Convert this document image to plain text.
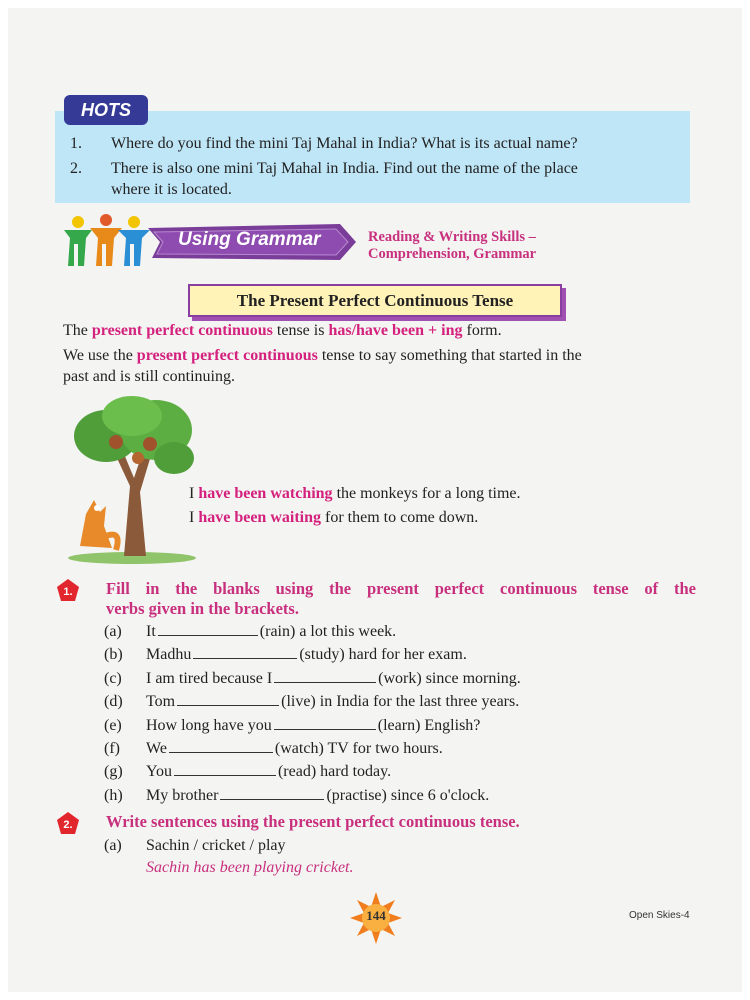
HOTS
1. Where do you find the mini Taj Mahal in India? What is its actual name?
2. There is also one mini Taj Mahal in India. Find out the name of the place
where it is located.
Using Grammar	Reading & Writing Skills –
Comprehension, Grammar
The Present Perfect Continuous Tense
The present perfect continuous tense is has/have been + ing form.
We use the present perfect continuous tense to say something that started in the
past and is still continuing.
I have been watching the monkeys for a long time.
I have been waiting for them to come down.
1. Fill in the blanks using the present perfect continuous tense of the
verbs given in the brackets.
(a) It	(rain) a lot this week.
(b) Madhu	(study) hard for her exam.
(c) I am tired because I	(work) since morning.
(d) Tom	(live) in India for the last three years.
(e) How long have you	(learn) English?
(f) We	(watch) TV for two hours.
(g) You	(read) hard today.
(h) My brother	(practise) since 6 o'clock.
2. Write sentences using the present perfect continuous tense.
(a) Sachin / cricket / play
Sachin has been playing cricket.
144	Open Skies-4
